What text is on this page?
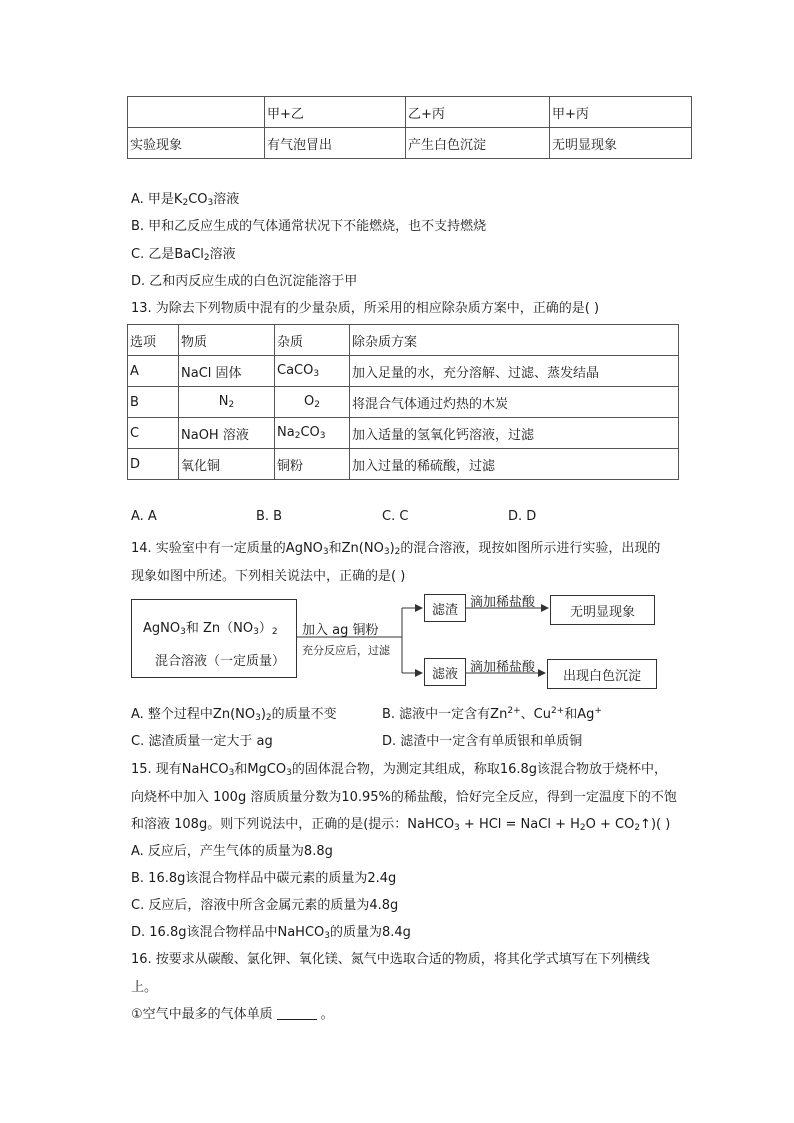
	甲+乙	乙+丙	甲+丙
实验现象	有气泡冒出	产生白色沉淀	无明显现象
A. 甲是$K_2CO_3$溶液
B. 甲和乙反应生成的气体通常状况下不能燃烧，也不支持燃烧
C. 乙是BaCl$_2$溶液
D. 乙和丙反应生成的白色沉淀能溶于甲
13. 为除去下列物质中混有的少量杂质，所采用的相应除杂质方案中，正确的是( )
选项	物质	杂质	除杂质方案
A	NaCl 固体	CaCO$_3$	加入足量的水，充分溶解、过滤、蒸发结晶
B	$N_2$	$O_2$	将混合气体通过灼热的木炭
C	NaOH 溶液	$Na_2CO_3$	加入适量的氢氧化钙溶液，过滤
D	氧化铜	铜粉	加入过量的稀硫酸，过滤
A. A	B. B	C. C	D. D
14. 实验室中有一定质量的AgNO$_3$和$Zn(NO_3)_2$的混合溶液，现按如图所示进行实验，出现的
现象如图中所述。下列相关说法中，正确的是( )
AgNO$_3$和 $Zn(NO_3)_2$
混合溶液（一定质量）
加入 ag 铜粉
充分反应后，过滤
滤渣
滤液
滴加稀盐酸
滴加稀盐酸
无明显现象
出现白色沉淀
A. 整个过程中$Zn(NO_3)_2$的质量不变	B. 滤液中一定含有$Zn^{2+}$、$Cu^{2+}$和Ag+
C. 滤渣质量一定大于 ag	D. 滤渣中一定含有单质银和单质铜
15. 现有NaHCO$_3$和MgCO$_3$的固体混合物，为测定其组成，称取16.8g该混合物放于烧杯中，
向烧杯中加入 100g 溶质质量分数为10.95%的稀盐酸，恰好完全反应，得到一定温度下的不饱
和溶液 108g。则下列说法中，正确的是(提示：NaHCO$_3$ + HCl = NaCl + $H_2O$ + $CO_2↑$)( )
A. 反应后，产生气体的质量为8.8g
B. 16.8g该混合物样品中碳元素的质量为2.4g
C. 反应后，溶液中所含金属元素的质量为4.8g
D. 16.8g该混合物样品中NaHCO$_3$的质量为8.4g
16. 按要求从碳酸、氯化钾、氧化镁、氮气中选取合适的物质，将其化学式填写在下列横线
上。
①空气中最多的气体单质	。
